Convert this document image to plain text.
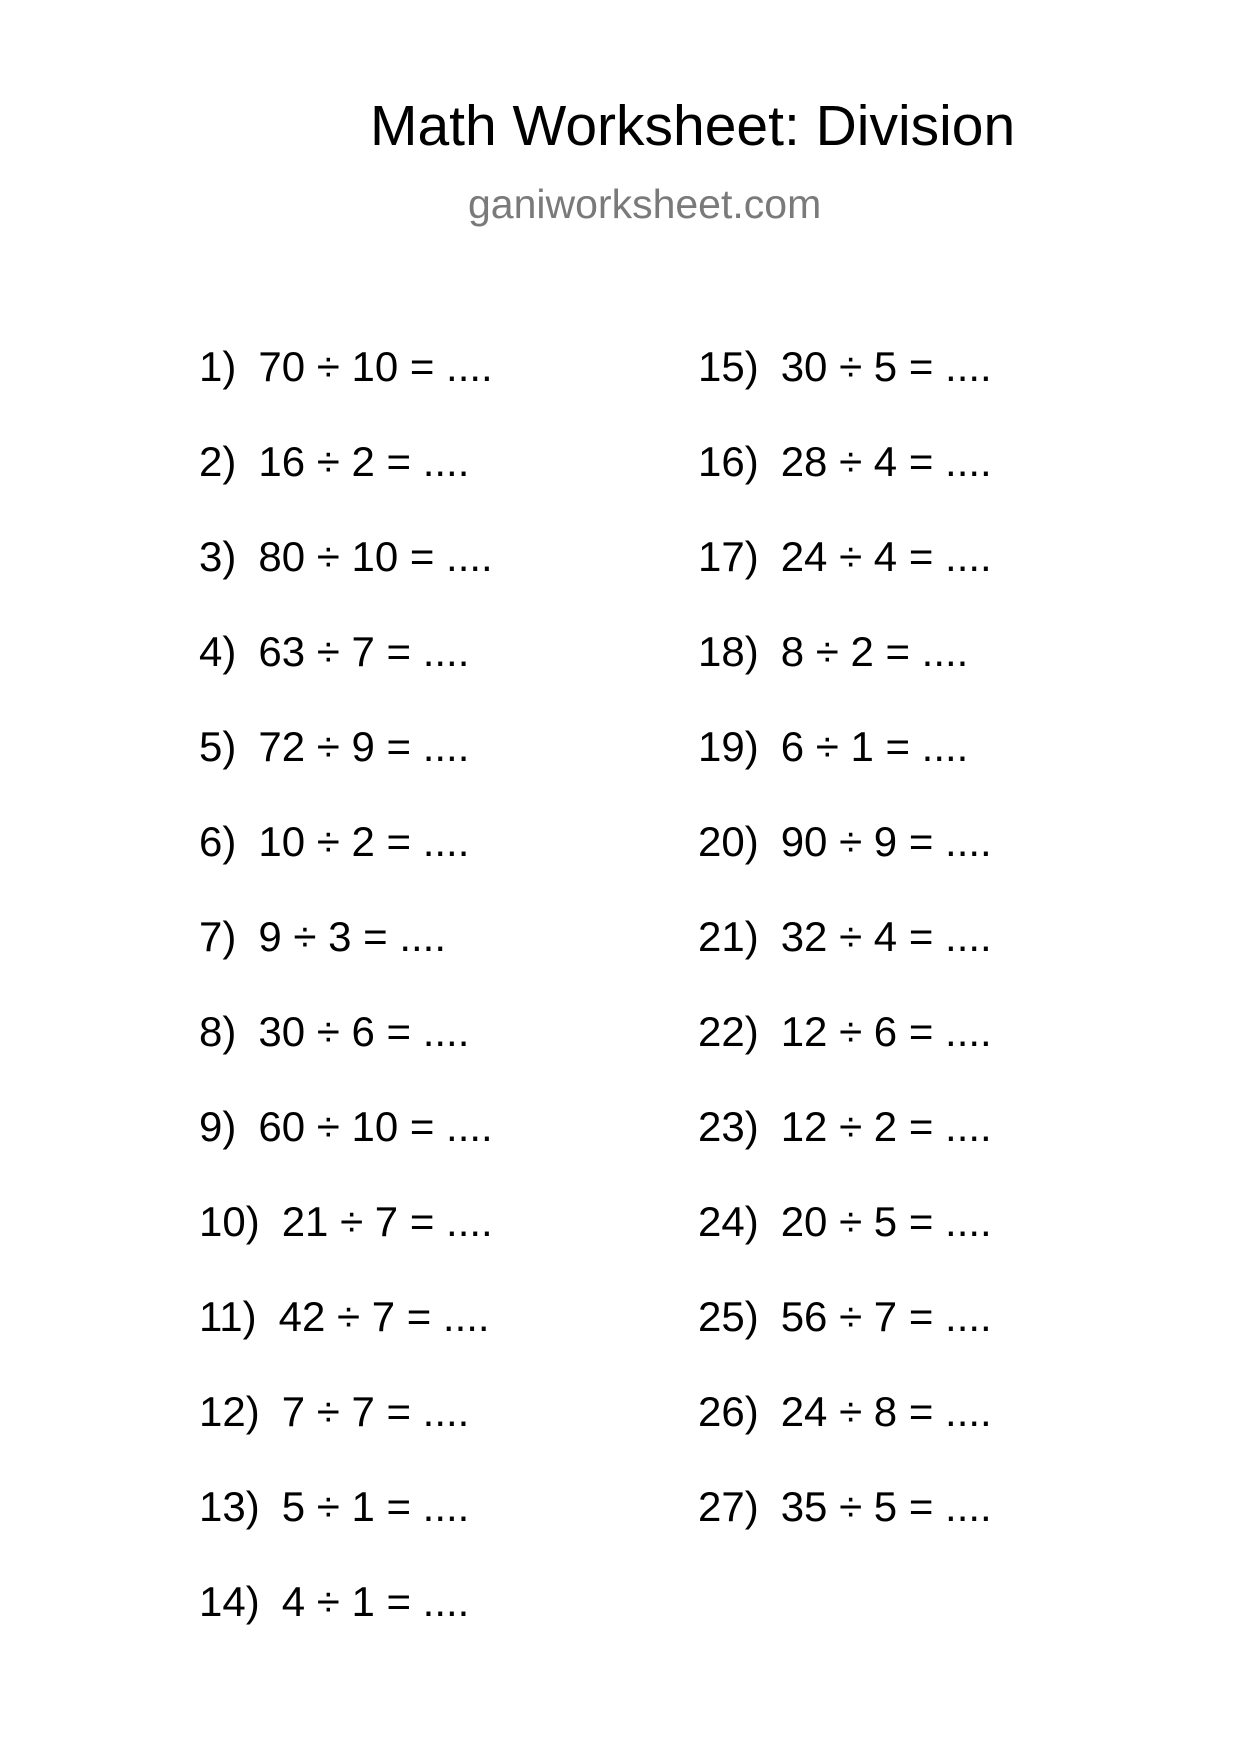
Math Worksheet: Division
ganiworksheet.com
1) 70 ÷ 10 = ....
2) 16 ÷ 2 = ....
3) 80 ÷ 10 = ....
4) 63 ÷ 7 = ....
5) 72 ÷ 9 = ....
6) 10 ÷ 2 = ....
7) 9 ÷ 3 = ....
8) 30 ÷ 6 = ....
9) 60 ÷ 10 = ....
10) 21 ÷ 7 = ....
11) 42 ÷ 7 = ....
12) 7 ÷ 7 = ....
13) 5 ÷ 1 = ....
14) 4 ÷ 1 = ....
15) 30 ÷ 5 = ....
16) 28 ÷ 4 = ....
17) 24 ÷ 4 = ....
18) 8 ÷ 2 = ....
19) 6 ÷ 1 = ....
20) 90 ÷ 9 = ....
21) 32 ÷ 4 = ....
22) 12 ÷ 6 = ....
23) 12 ÷ 2 = ....
24) 20 ÷ 5 = ....
25) 56 ÷ 7 = ....
26) 24 ÷ 8 = ....
27) 35 ÷ 5 = ....
